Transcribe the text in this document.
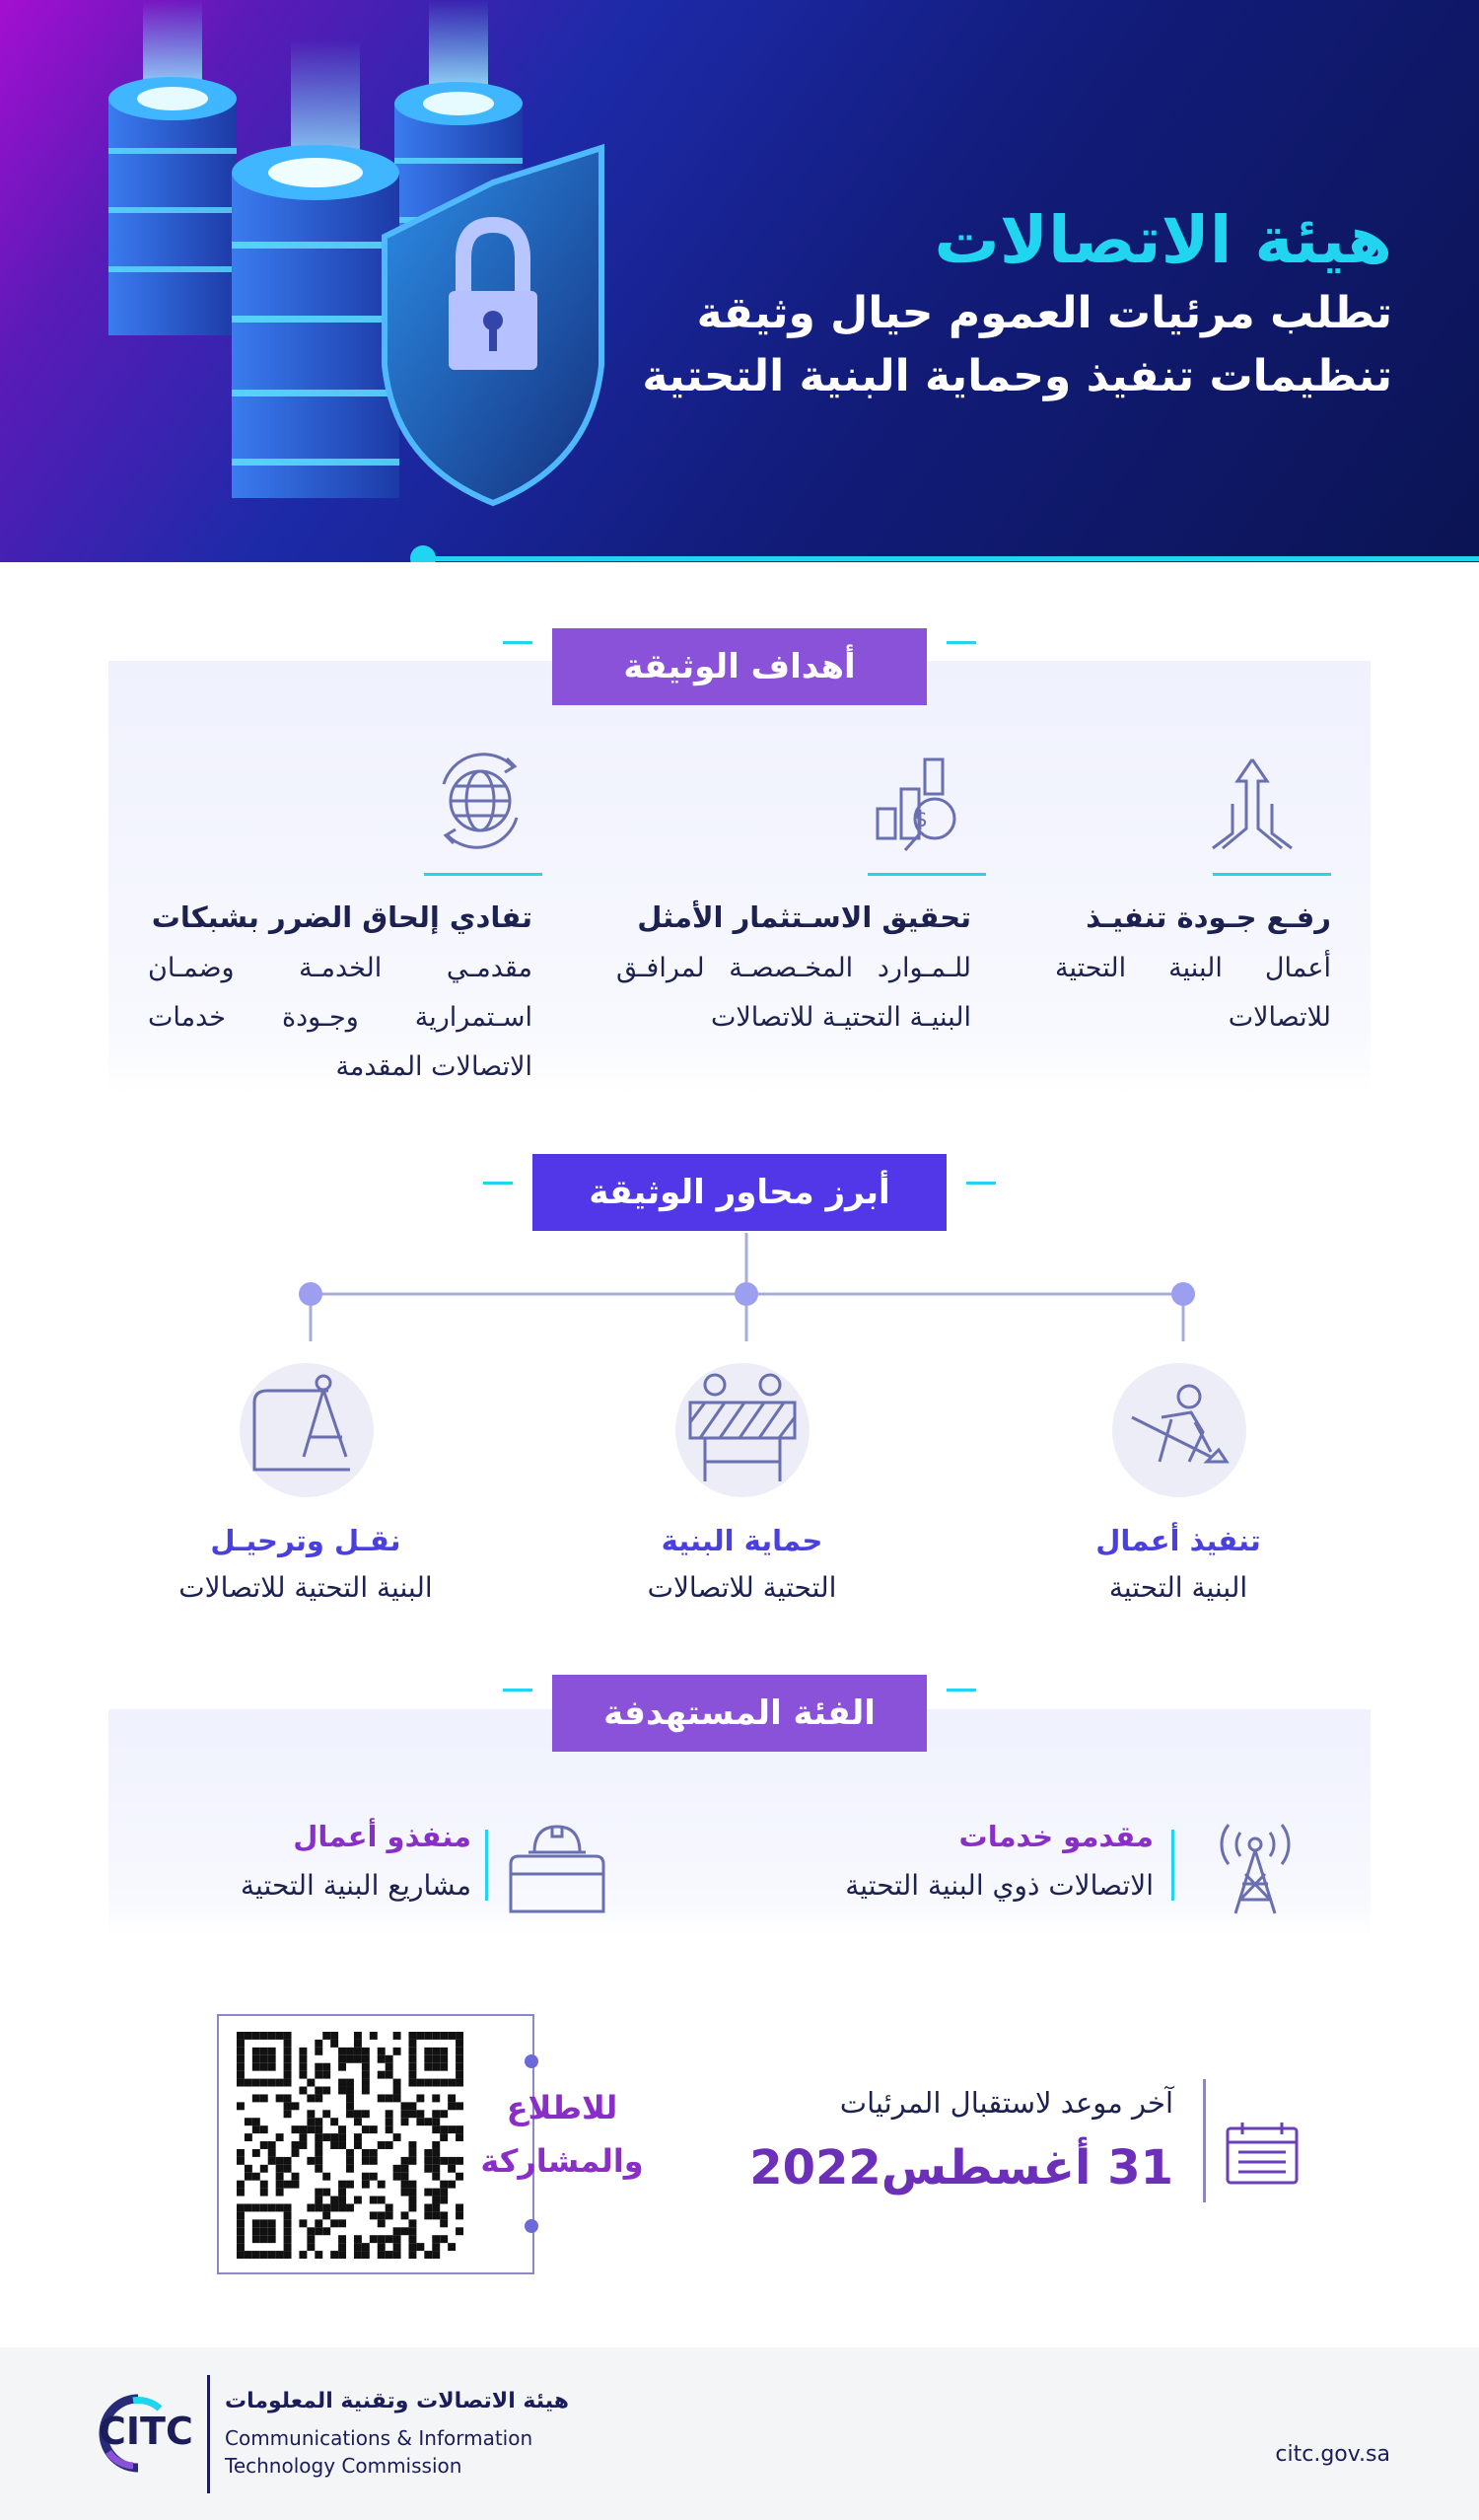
هيئة الاتصالات
تطلب مرئيات العموم حيال وثيقة
تنظيمات تنفيذ وحماية البنية التحتية
أهداف الوثيقة
$
رفـع جـودة تنفيـذ
أعمال البنية التحتية للاتصالات
تحقيق الاسـتثمار الأمثل
للـمـوارد المخـصصـة لمرافـق البنيـة التحتيـة للاتصالات
تفادي إلحاق الضرر بشبكات
مقدمـي الخدمـة وضمـان اسـتمرارية وجـودة خدمات الاتصالات المقدمة
أبرز محاور الوثيقة
تنفيذ أعمال
البنية التحتية
حماية البنية
التحتية للاتصالات
نقـل وترحيـل
البنية التحتية للاتصالات
الفئة المستهدفة
مقدمو خدمات
الاتصالات ذوي البنية التحتية
منفذو أعمال
مشاريع البنية التحتية
آخر موعد لاستقبال المرئيات
31 أغسطس2022
للاطلاع
والمشاركة
CITC
هيئة الاتصالات وتقنية المعلومات
Communications & Information
Technology Commission	citc.gov.sa
